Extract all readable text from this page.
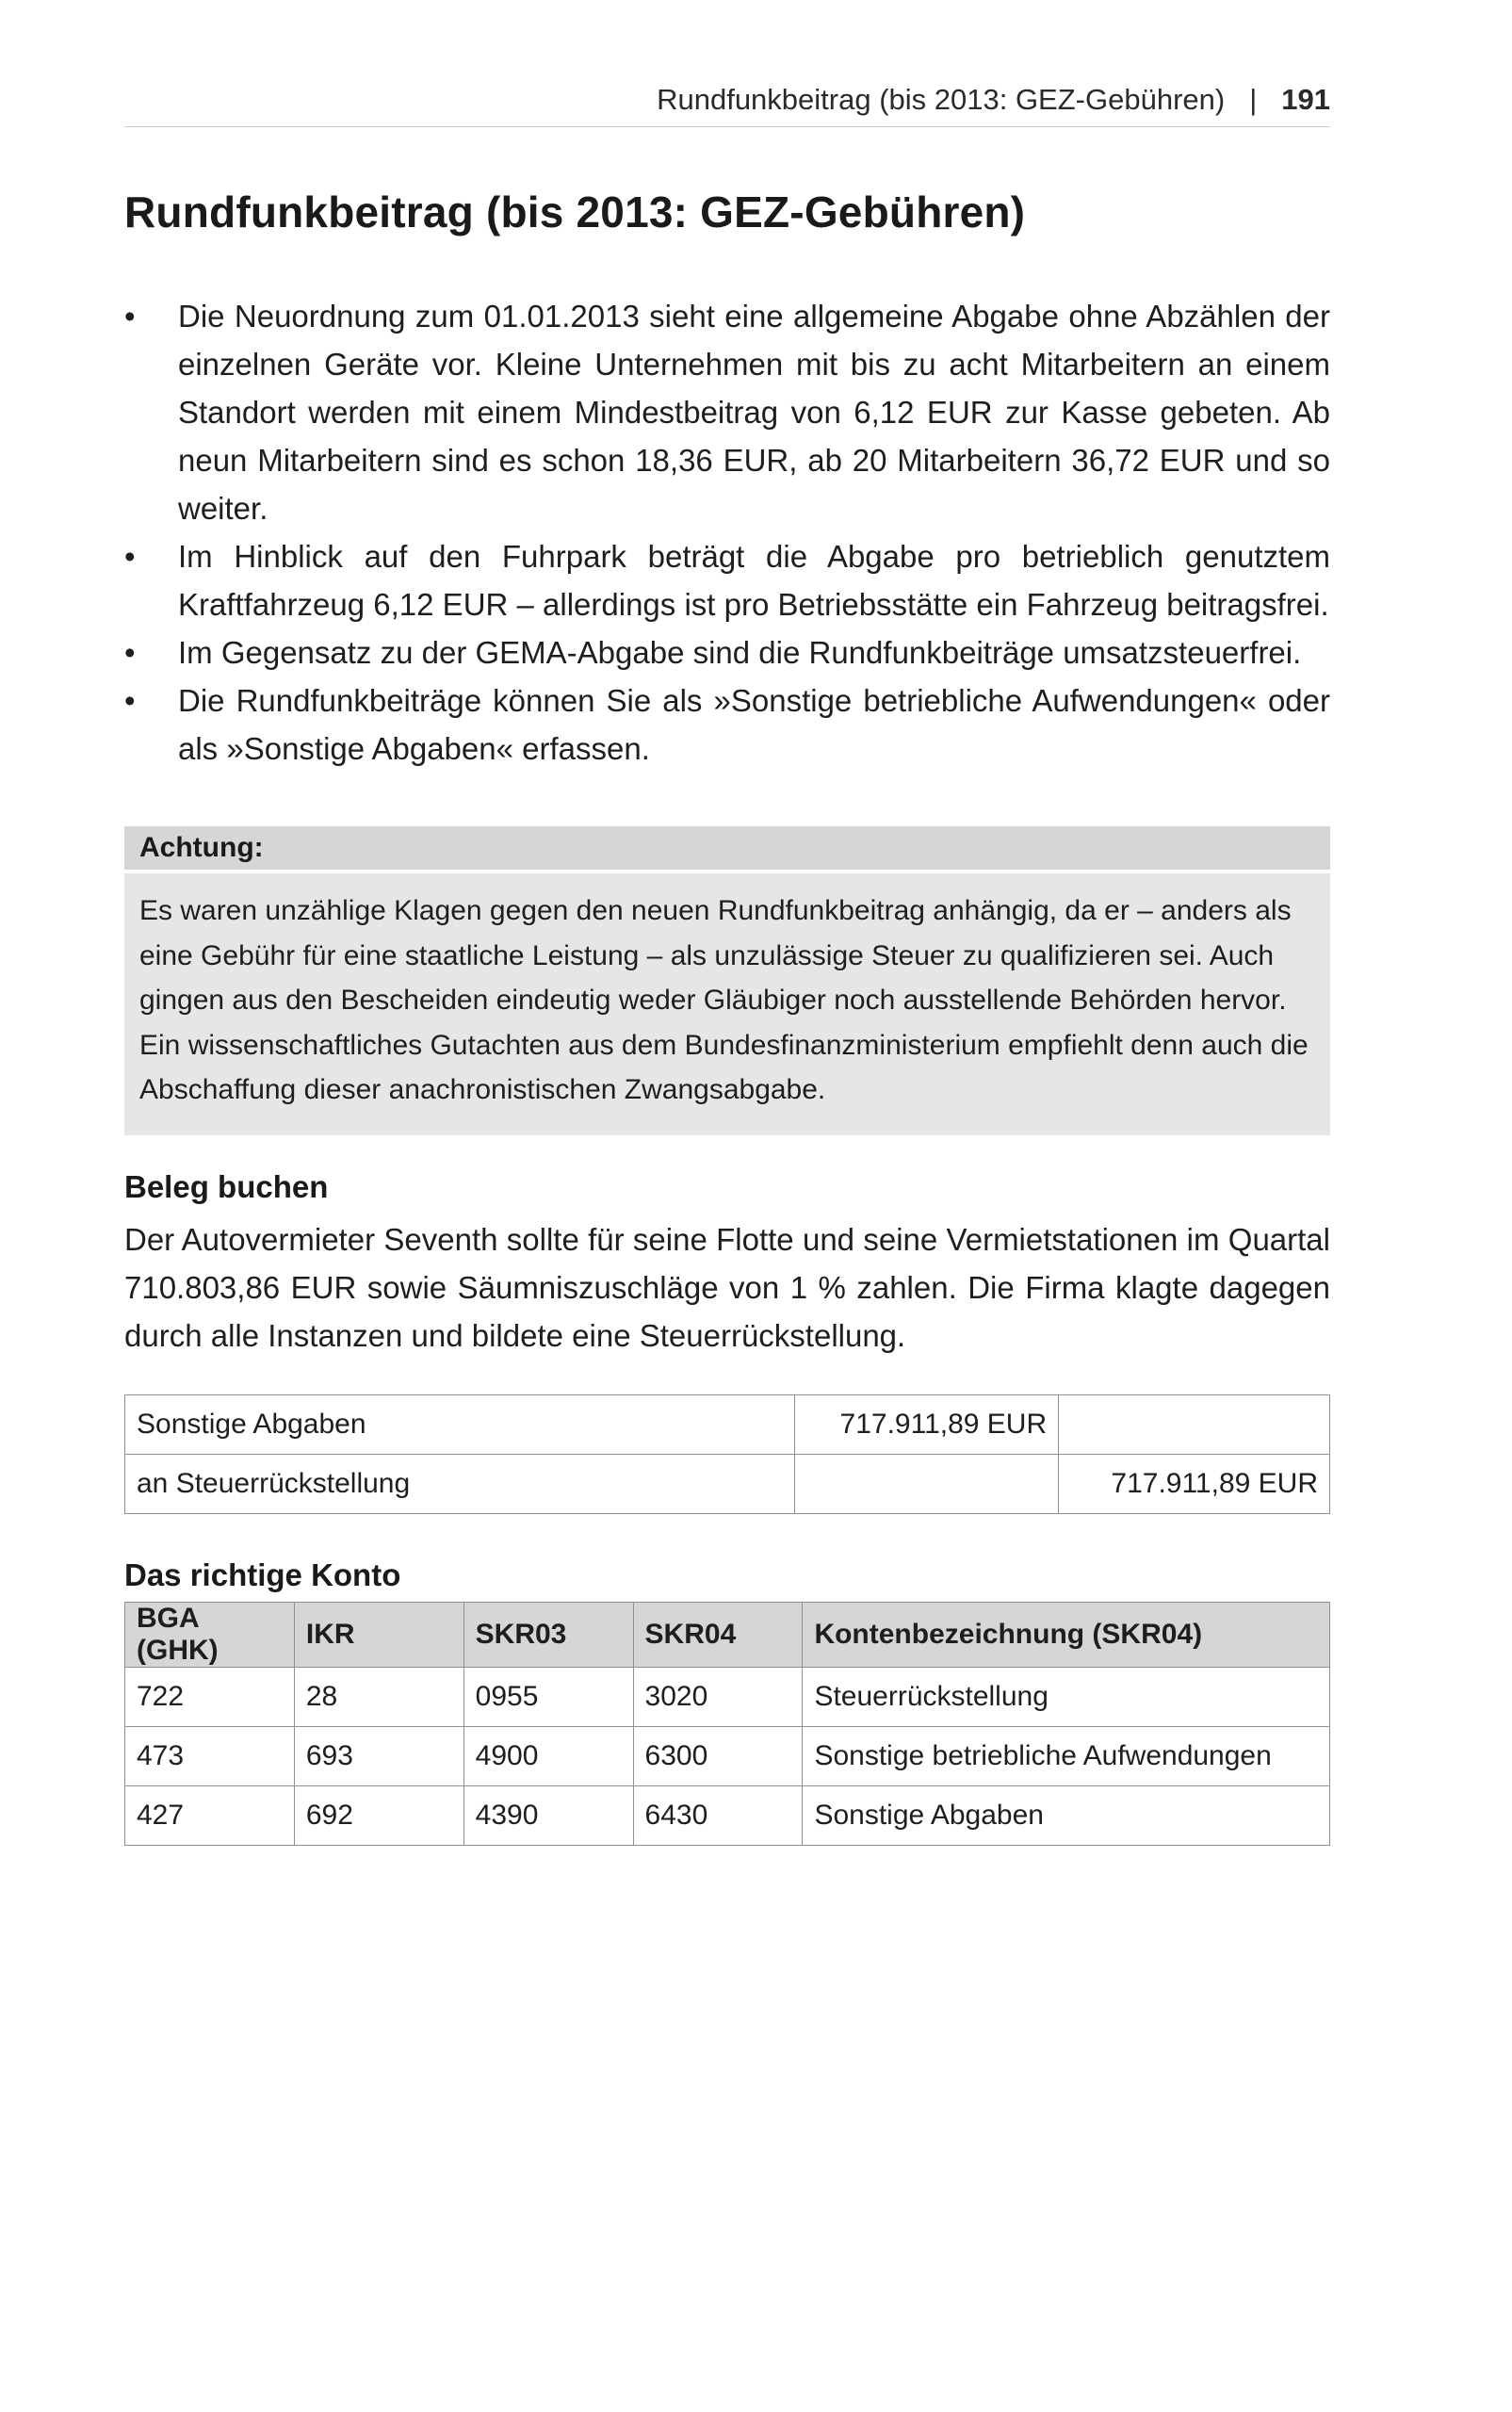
Rundfunkbeitrag (bis 2013: GEZ-Gebühren) | 191
Rundfunkbeitrag (bis 2013: GEZ-Gebühren)
• Die Neuordnung zum 01.01.2013 sieht eine allgemeine Abgabe ohne Abzählen der einzelnen Geräte vor. Kleine Unternehmen mit bis zu acht Mitarbeitern an einem Standort werden mit einem Mindestbeitrag von 6,12 EUR zur Kasse gebeten. Ab neun Mitarbeitern sind es schon 18,36 EUR, ab 20 Mitarbeitern 36,72 EUR und so weiter.
• Im Hinblick auf den Fuhrpark beträgt die Abgabe pro betrieblich genutztem Kraftfahrzeug 6,12 EUR – allerdings ist pro Betriebsstätte ein Fahrzeug beitragsfrei.
• Im Gegensatz zu der GEMA-Abgabe sind die Rundfunkbeiträge umsatzsteuerfrei.
• Die Rundfunkbeiträge können Sie als »Sonstige betriebliche Aufwendungen« oder als »Sonstige Abgaben« erfassen.
Achtung:
Es waren unzählige Klagen gegen den neuen Rundfunkbeitrag anhängig, da er – anders als eine Gebühr für eine staatliche Leistung – als unzulässige Steuer zu qualifizieren sei. Auch gingen aus den Bescheiden eindeutig weder Gläubiger noch ausstellende Behörden hervor. Ein wissenschaftliches Gutachten aus dem Bundesfinanzministerium empfiehlt denn auch die Abschaffung dieser anachronistischen Zwangsabgabe.
Beleg buchen
Der Autovermieter Seventh sollte für seine Flotte und seine Vermietstationen im Quartal 710.803,86 EUR sowie Säumniszuschläge von 1 % zahlen. Die Firma klagte dagegen durch alle Instanzen und bildete eine Steuerrückstellung.
Sonstige Abgaben	717.911,89 EUR	
an Steuerrückstellung		717.911,89 EUR
Das richtige Konto
BGA (GHK)	IKR	SKR03	SKR04	Kontenbezeichnung (SKR04)
722	28	0955	3020	Steuerrückstellung
473	693	4900	6300	Sonstige betriebliche Aufwendungen
427	692	4390	6430	Sonstige Abgaben
